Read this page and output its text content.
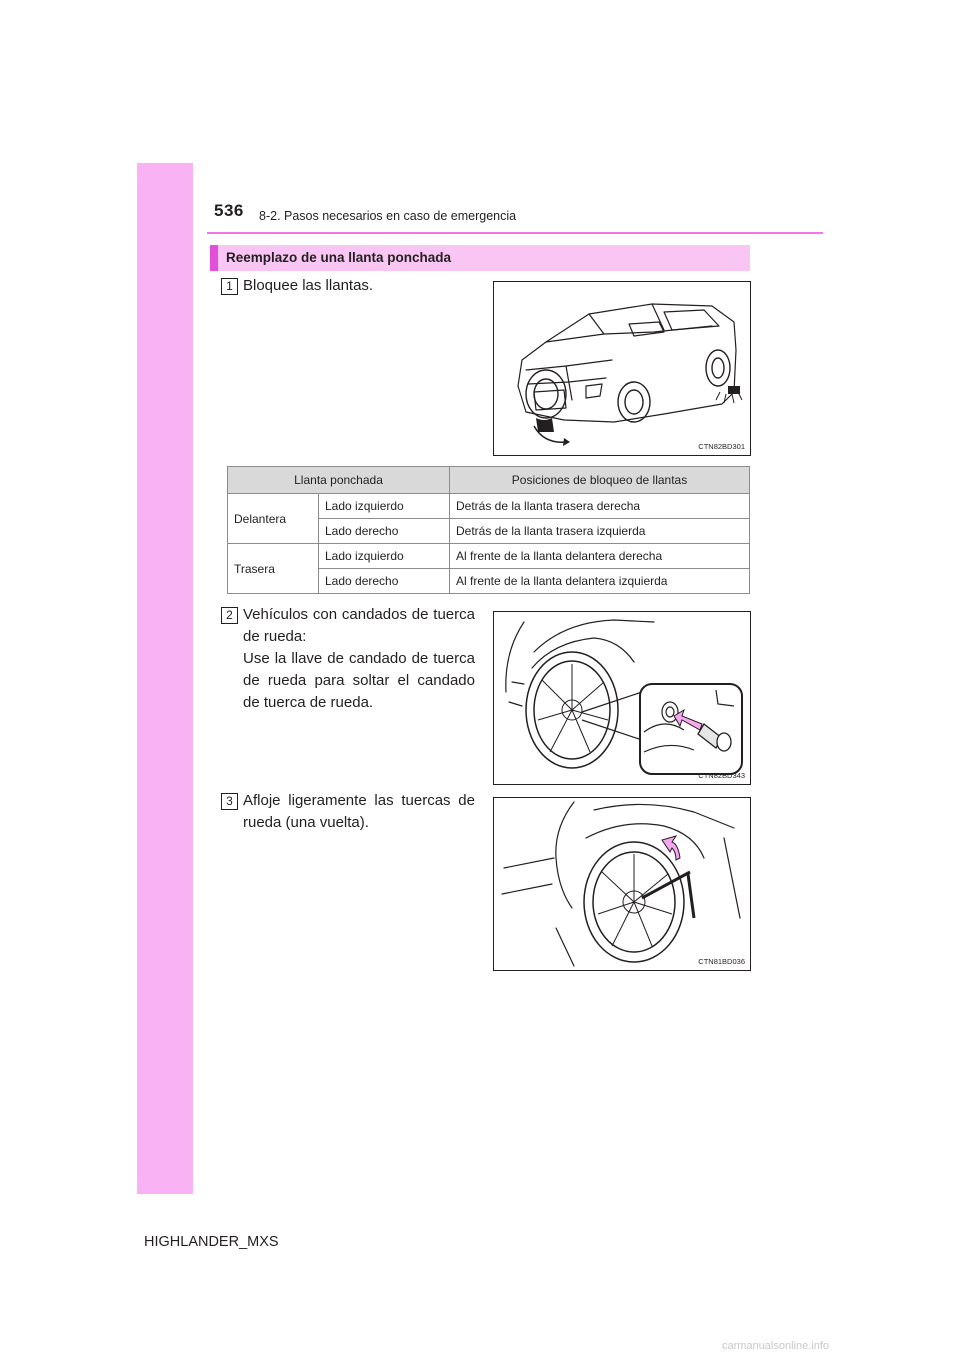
536 8-2. Pasos necesarios en caso de emergencia
Reemplazo de una llanta ponchada
1 Bloquee las llantas.
CTN82BD301
Llanta ponchada		Posiciones de bloqueo de llantas
Delantera	Lado izquierdo	Detrás de la llanta trasera derecha
	Lado derecho	Detrás de la llanta trasera izquierda
Trasera	Lado izquierdo	Al frente de la llanta delantera derecha
	Lado derecho	Al frente de la llanta delantera izquierda
2 Vehículos con candados de tuerca de rueda:
Use la llave de candado de tuerca de rueda para soltar el candado de tuerca de rueda.
CTN82BD343
3 Afloje ligeramente las tuercas de rueda (una vuelta).
CTN81BD036
HIGHLANDER_MXS
carmanualsonline.info
